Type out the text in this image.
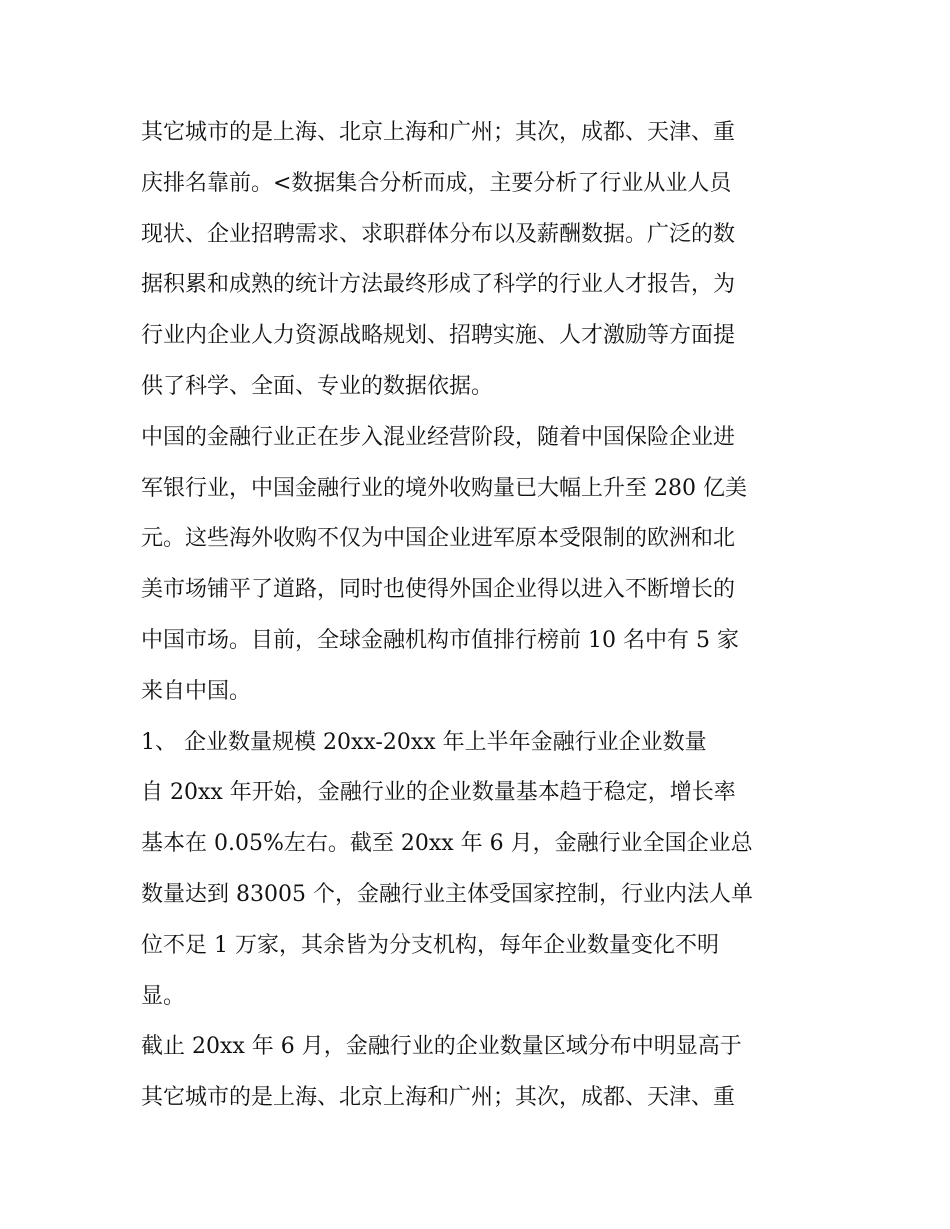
其它城市的是上海、北京上海和广州；其次，成都、天津、重
庆排名靠前。<数据集合分析而成，主要分析了行业从业人员
现状、企业招聘需求、求职群体分布以及薪酬数据。广泛的数
据积累和成熟的统计方法最终形成了科学的行业人才报告，为
行业内企业人力资源战略规划、招聘实施、人才激励等方面提
供了科学、全面、专业的数据依据。
中国的金融行业正在步入混业经营阶段，随着中国保险企业进
军银行业，中国金融行业的境外收购量已大幅上升至 280 亿美
元。这些海外收购不仅为中国企业进军原本受限制的欧洲和北
美市场铺平了道路，同时也使得外国企业得以进入不断增长的
中国市场。目前，全球金融机构市值排行榜前 10 名中有 5 家
来自中国。
1、 企业数量规模 20xx-20xx 年上半年金融行业企业数量
自 20xx 年开始，金融行业的企业数量基本趋于稳定，增长率
基本在 0.05%左右。截至 20xx 年 6 月，金融行业全国企业总
数量达到 83005 个，金融行业主体受国家控制，行业内法人单
位不足 1 万家，其余皆为分支机构，每年企业数量变化不明
显。
截止 20xx 年 6 月，金融行业的企业数量区域分布中明显高于
其它城市的是上海、北京上海和广州；其次，成都、天津、重
